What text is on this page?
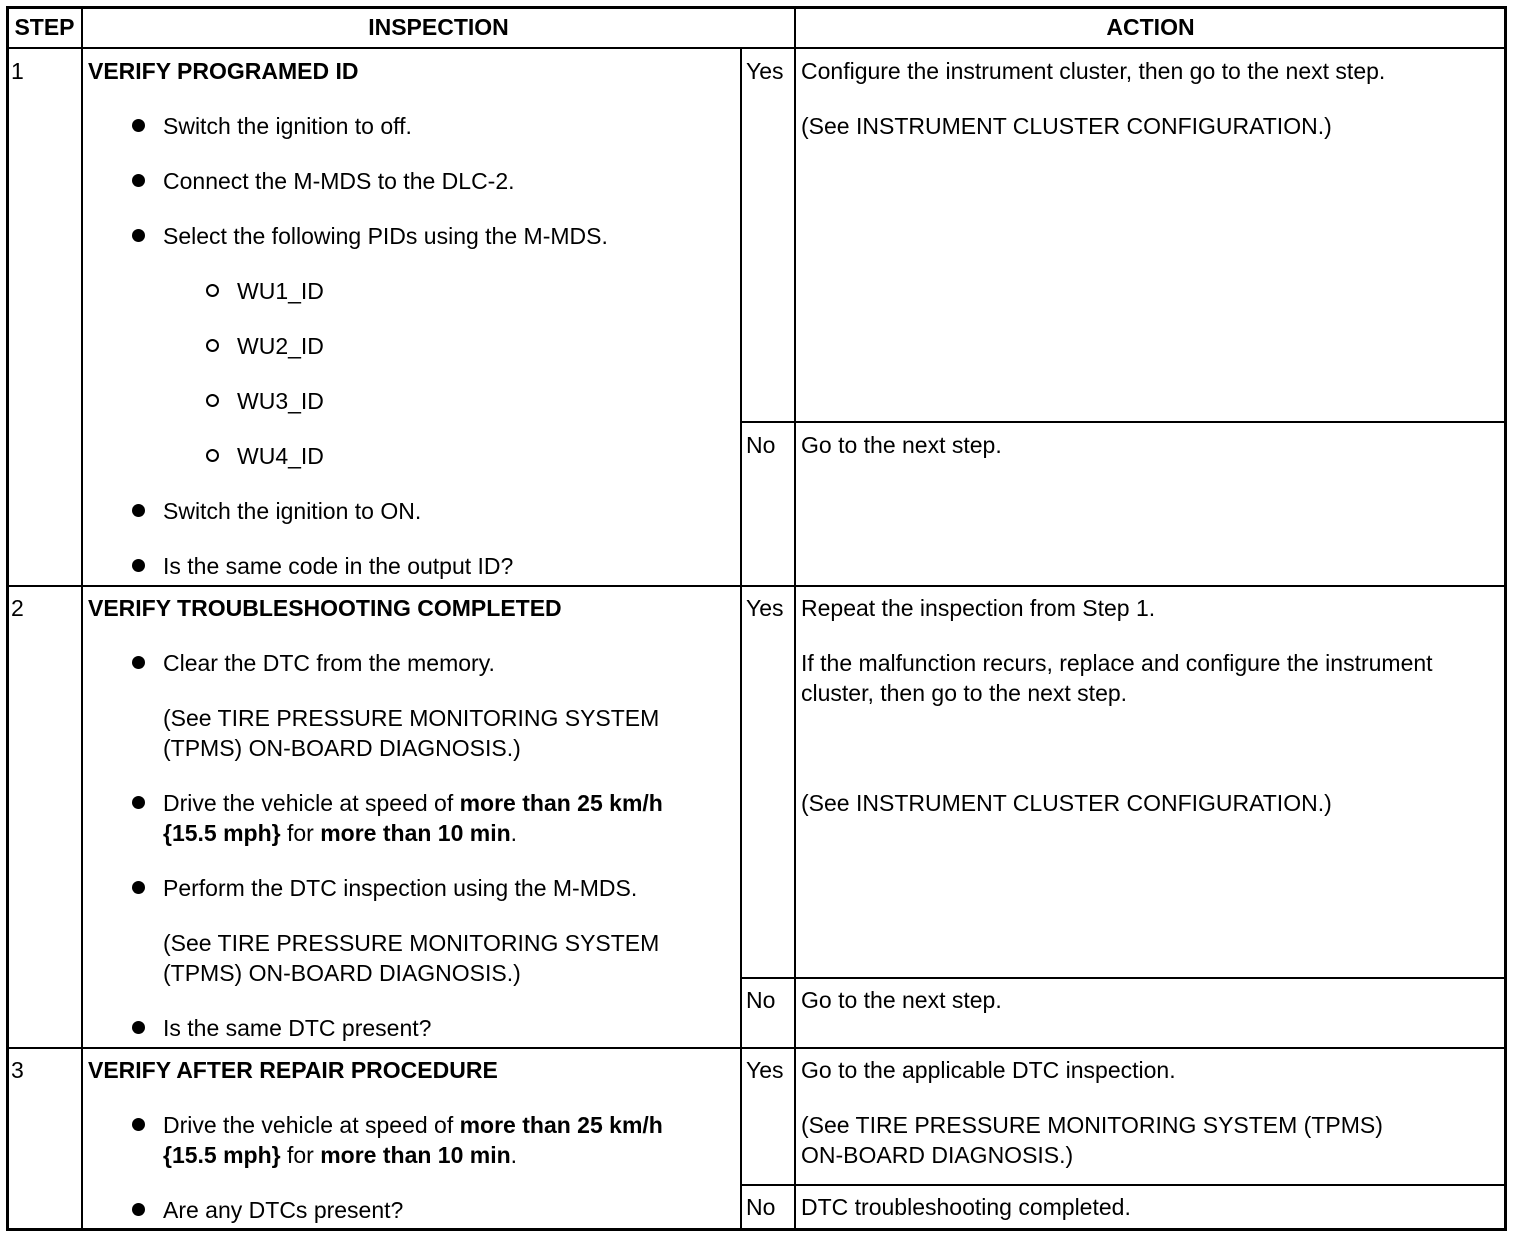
STEP	INSPECTION	ACTION
1	VERIFY PROGRAMED ID
Switch the ignition to off.
Connect the M-MDS to the DLC-2.
Select the following PIDs using the M-MDS.
WU1_ID
WU2_ID
WU3_ID
WU4_ID
Switch the ignition to ON.
Is the same code in the output ID?
Yes Configure the instrument cluster, then go to the next step.
(See INSTRUMENT CLUSTER CONFIGURATION.)
No Go to the next step.
2	VERIFY TROUBLESHOOTING COMPLETED
Clear the DTC from the memory.
(See TIRE PRESSURE MONITORING SYSTEM
(TPMS) ON-BOARD DIAGNOSIS.)
Drive the vehicle at speed of more than 25 km/h
{15.5 mph} for more than 10 min.
Perform the DTC inspection using the M-MDS.
(See TIRE PRESSURE MONITORING SYSTEM
(TPMS) ON-BOARD DIAGNOSIS.)
Is the same DTC present?
Yes Repeat the inspection from Step 1.
If the malfunction recurs, replace and configure the instrument
cluster, then go to the next step.
(See INSTRUMENT CLUSTER CONFIGURATION.)
No Go to the next step.
3	VERIFY AFTER REPAIR PROCEDURE
Drive the vehicle at speed of more than 25 km/h
{15.5 mph} for more than 10 min.
Are any DTCs present?
Yes Go to the applicable DTC inspection.
(See TIRE PRESSURE MONITORING SYSTEM (TPMS)
ON-BOARD DIAGNOSIS.)
No DTC troubleshooting completed.
